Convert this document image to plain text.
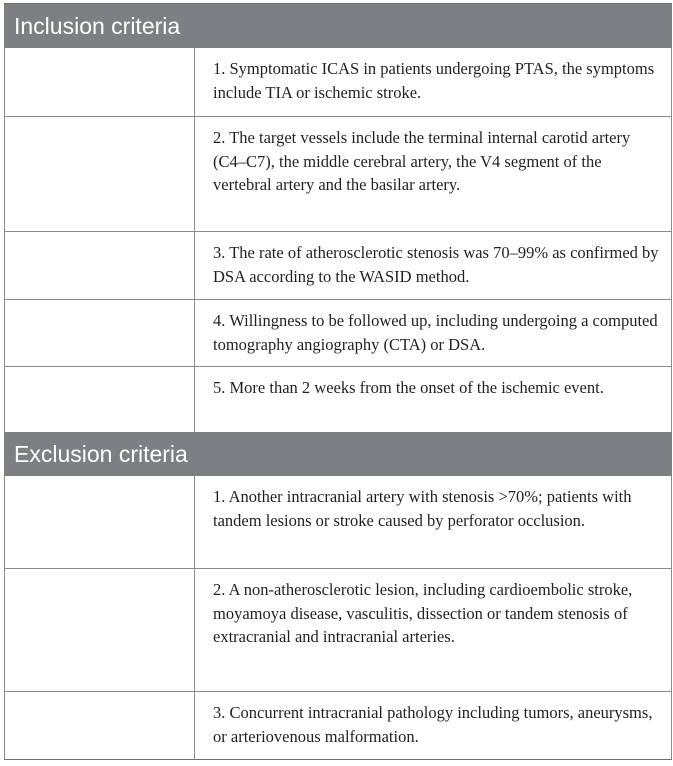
Inclusion criteria
1. Symptomatic ICAS in patients undergoing PTAS, the symptoms include TIA or ischemic stroke.
2. The target vessels include the terminal internal carotid artery (C4–C7), the middle cerebral artery, the V4 segment of the vertebral artery and the basilar artery.
3. The rate of atherosclerotic stenosis was 70–99% as confirmed by DSA according to the WASID method.
4. Willingness to be followed up, including undergoing a computed tomography angiography (CTA) or DSA.
5. More than 2 weeks from the onset of the ischemic event.
Exclusion criteria
1. Another intracranial artery with stenosis >70%; patients with tandem lesions or stroke caused by perforator occlusion.
2. A non-atherosclerotic lesion, including cardioembolic stroke, moyamoya disease, vasculitis, dissection or tandem stenosis of extracranial and intracranial arteries.
3. Concurrent intracranial pathology including tumors, aneurysms, or arteriovenous malformation.
